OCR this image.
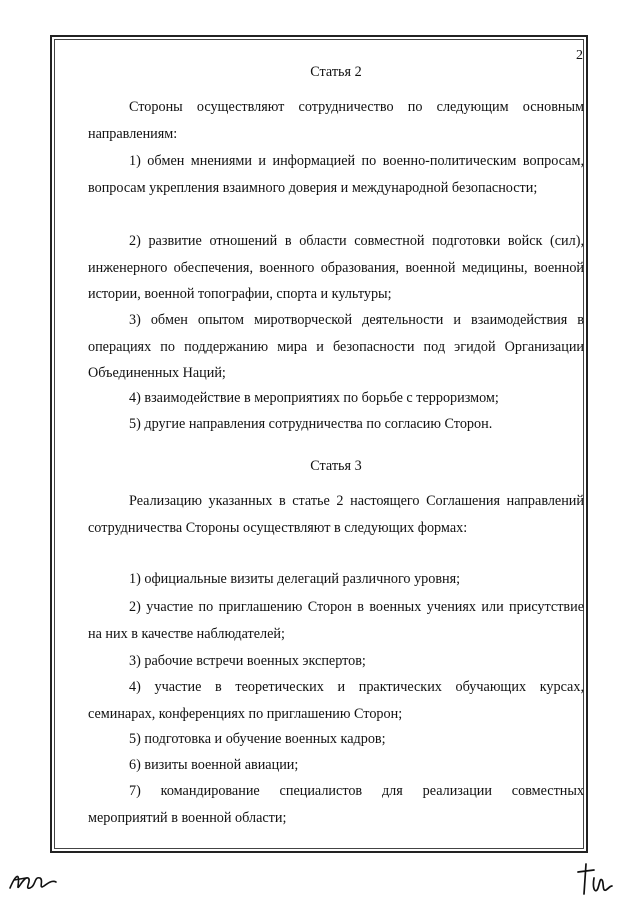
2
Статья 2

Стороны осуществляют сотрудничество по следующим основным направлениям:

1) обмен мнениями и информацией по военно-политическим вопросам, вопросам укрепления взаимного доверия и международной безопасности;

2) развитие отношений в области совместной подготовки войск (сил), инженерного обеспечения, военного образования, военной медицины, военной истории, военной топографии, спорта и культуры;

3) обмен опытом миротворческой деятельности и взаимодействия в операциях по поддержанию мира и безопасности под эгидой Организации Объединенных Наций;

4) взаимодействие в мероприятиях по борьбе с терроризмом;

5) другие направления сотрудничества по согласию Сторон.

Статья 3

Реализацию указанных в статье 2 настоящего Соглашения направлений сотрудничества Стороны осуществляют в следующих формах:

1) официальные визиты делегаций различного уровня;

2) участие по приглашению Сторон в военных учениях или присутствие на них в качестве наблюдателей;

3) рабочие встречи военных экспертов;

4) участие в теоретических и практических обучающих курсах, семинарах, конференциях по приглашению Сторон;

5) подготовка и обучение военных кадров;

6) визиты военной авиации;

7) командирование специалистов для реализации совместных мероприятий в военной области;
